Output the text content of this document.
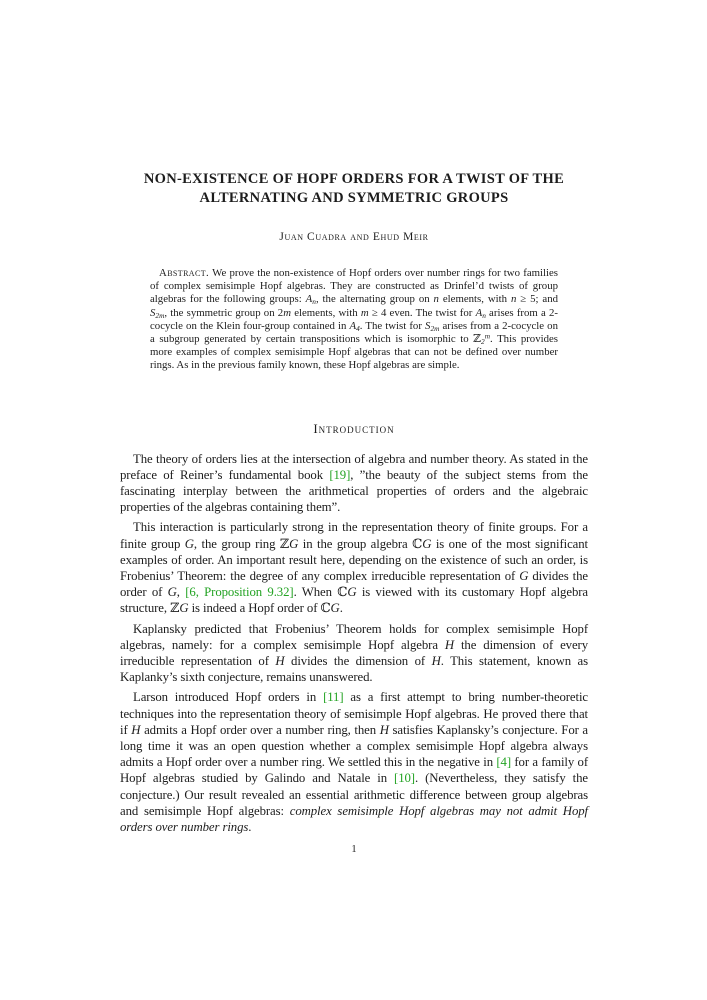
NON-EXISTENCE OF HOPF ORDERS FOR A TWIST OF THE
ALTERNATING AND SYMMETRIC GROUPS
Juan Cuadra and Ehud Meir

Abstract. We prove the non-existence of Hopf orders over number rings for two families of complex semisimple Hopf algebras. They are constructed as Drinfel’d twists of group algebras for the following groups: $A_n$, the alternating group on n elements, with n ≥ 5; and $S_{2m}$, the symmetric group on 2m elements, with m ≥ 4 even. The twist for $A_n$ arises from a 2-cocycle on the Klein four-group contained in $A_4$. The twist for $S_{2m}$ arises from a 2-cocycle on a subgroup generated by certain transpositions which is isomorphic to ℤ$_2^m$. This provides more examples of complex semisimple Hopf algebras that can not be defined over number rings. As in the previous family known, these Hopf algebras are simple.

Introduction

The theory of orders lies at the intersection of algebra and number theory. As stated in the preface of Reiner’s fundamental book [19], ”the beauty of the subject stems from the fascinating interplay between the arithmetical properties of orders and the algebraic properties of the algebras containing them”.

This interaction is particularly strong in the representation theory of finite groups. For a finite group G, the group ring ℤG in the group algebra ℂG is one of the most significant examples of order. An important result here, depending on the existence of such an order, is Frobenius’ Theorem: the degree of any complex irreducible representation of G divides the order of G, [6, Proposition 9.32]. When ℂG is viewed with its customary Hopf algebra structure, ℤG is indeed a Hopf order of ℂG.

Kaplansky predicted that Frobenius’ Theorem holds for complex semisimple Hopf algebras, namely: for a complex semisimple Hopf algebra H the dimension of every irreducible representation of H divides the dimension of H. This statement, known as Kaplanky’s sixth conjecture, remains unanswered.

Larson introduced Hopf orders in [11] as a first attempt to bring number-theoretic techniques into the representation theory of semisimple Hopf algebras. He proved there that if H admits a Hopf order over a number ring, then H satisfies Kaplansky’s conjecture. For a long time it was an open question whether a complex semisimple Hopf algebra always admits a Hopf order over a number ring. We settled this in the negative in [4] for a family of Hopf algebras studied by Galindo and Natale in [10]. (Nevertheless, they satisfy the conjecture.) Our result revealed an essential arithmetic difference between group algebras and semisimple Hopf algebras: complex semisimple Hopf algebras may not admit Hopf orders over number rings.

1
